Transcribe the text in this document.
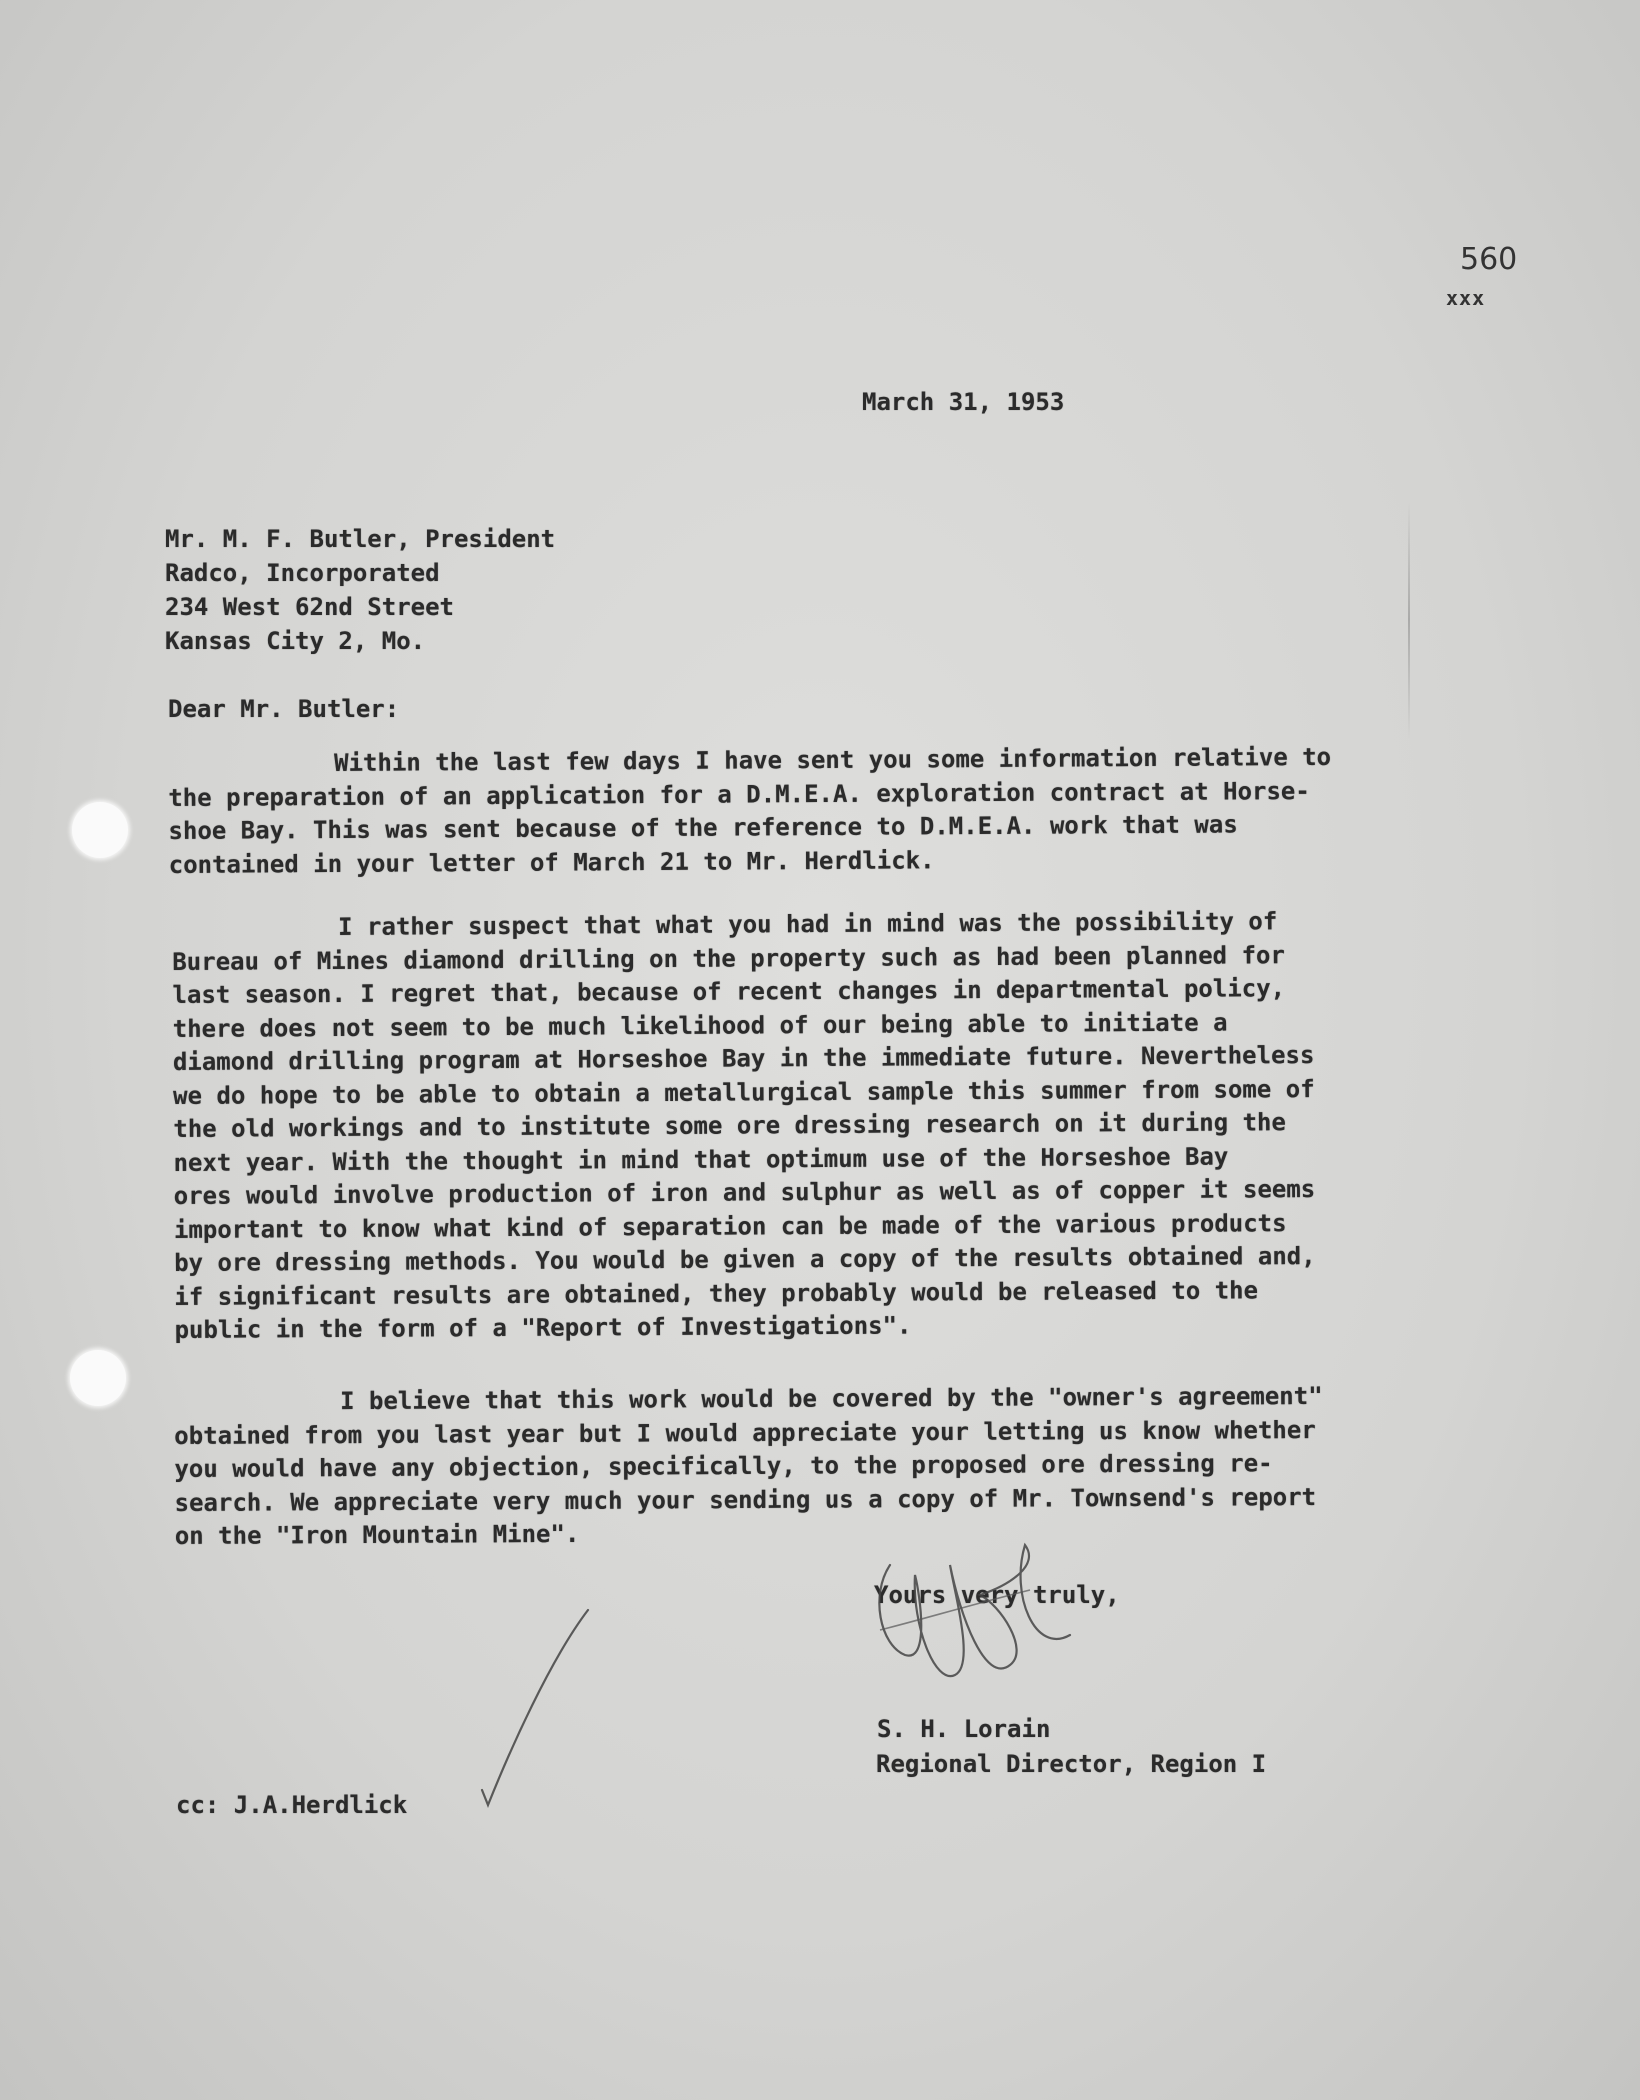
560
xxx
March 31, 1953
Mr. M. F. Butler, President
Radco, Incorporated
234 West 62nd Street
Kansas City 2, Mo.
Dear Mr. Butler:
Within the last few days I have sent you some information relative to
the preparation of an application for a D.M.E.A. exploration contract at Horse-
shoe Bay. This was sent because of the reference to D.M.E.A. work that was
contained in your letter of March 21 to Mr. Herdlick.
I rather suspect that what you had in mind was the possibility of
Bureau of Mines diamond drilling on the property such as had been planned for
last season. I regret that, because of recent changes in departmental policy,
there does not seem to be much likelihood of our being able to initiate a
diamond drilling program at Horseshoe Bay in the immediate future. Nevertheless
we do hope to be able to obtain a metallurgical sample this summer from some of
the old workings and to institute some ore dressing research on it during the
next year. With the thought in mind that optimum use of the Horseshoe Bay
ores would involve production of iron and sulphur as well as of copper it seems
important to know what kind of separation can be made of the various products
by ore dressing methods. You would be given a copy of the results obtained and,
if significant results are obtained, they probably would be released to the
public in the form of a "Report of Investigations".
I believe that this work would be covered by the "owner's agreement"
obtained from you last year but I would appreciate your letting us know whether
you would have any objection, specifically, to the proposed ore dressing re-
search. We appreciate very much your sending us a copy of Mr. Townsend's report
on the "Iron Mountain Mine".
Yours very truly,
S. H. Lorain
Regional Director, Region I
cc: J.A.Herdlick
